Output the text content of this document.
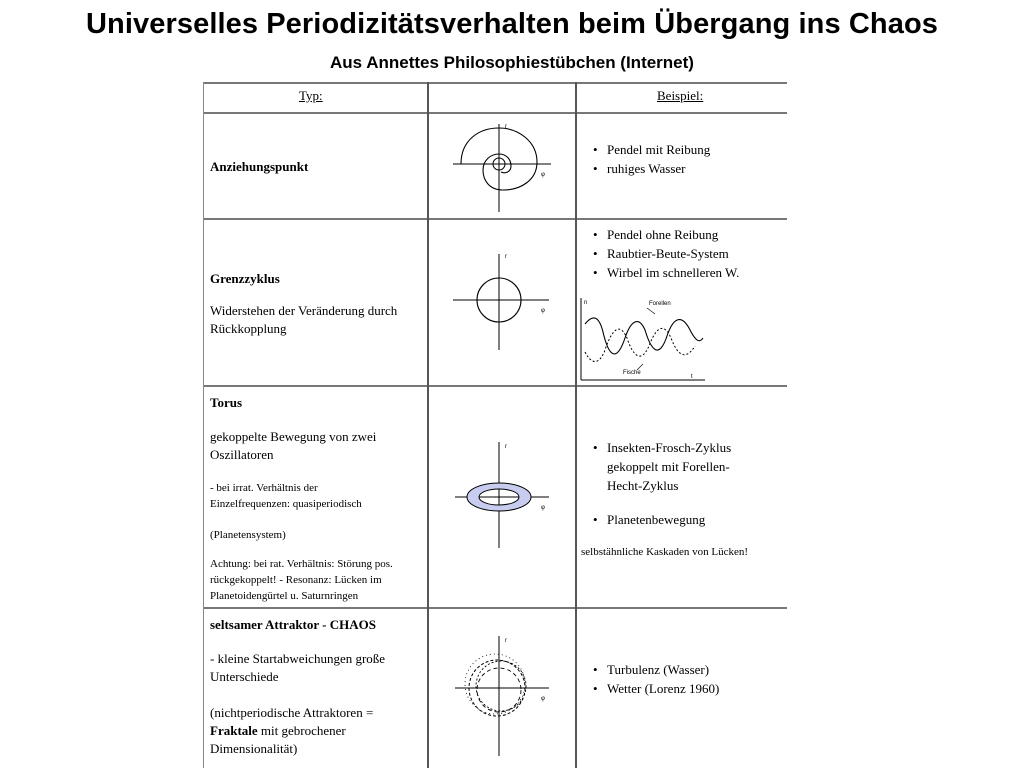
Universelles Periodizitätsverhalten beim Übergang ins Chaos
Aus Annettes Philosophiestübchen (Internet)
Typ:	Beispiel:
Anziehungspunkt
r
φ
• Pendel mit Reibung
• ruhiges Wasser
Grenzzyklus
Widerstehen der Veränderung durch
Rückkopplung
r
φ
• Pendel ohne Reibung
• Raubtier-Beute-System
• Wirbel im schnelleren W.
Forellen
Fische
t
n
Torus
gekoppelte Bewegung von zwei
Oszillatoren
- bei irrat. Verhältnis der
Einzelfrequenzen: quasiperiodisch
(Planetensystem)
Achtung: bei rat. Verhältnis: Störung pos.
rückgekoppelt! - Resonanz: Lücken im
Planetoidengürtel u. Saturnringen
r
φ
• Insekten-Frosch-Zyklus
gekoppelt mit Forellen-
Hecht-Zyklus
• Planetenbewegung
selbstähnliche Kaskaden von Lücken!
seltsamer Attraktor - CHAOS
- kleine Startabweichungen große
Unterschiede
(nichtperiodische Attraktoren =
Fraktale mit gebrochener
Dimensionalität)
r
φ
• Turbulenz (Wasser)
• Wetter (Lorenz 1960)
